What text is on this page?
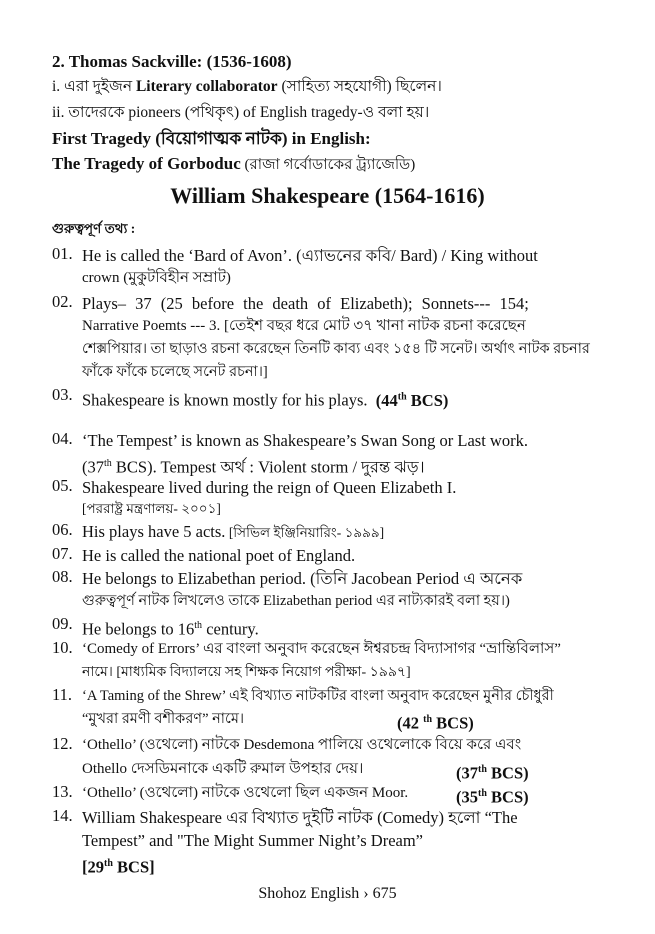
2. Thomas Sackville: (1536-1608)
i. এরা দুইজন Literary collaborator (সাহিত্য সহযোগী) ছিলেন।
ii. তাদেরকে pioneers (পথিকৃৎ) of English tragedy-ও বলা হয়।
First Tragedy (বিয়োগাত্মক নাটক) in English:
The Tragedy of Gorboduc (রাজা গর্বোডাকের ট্র্যাজেডি)
William Shakespeare (1564-1616)
গুরুত্বপূর্ণ তথ্য :
01. He is called the ‘Bard of Avon’. (এ্যাভনের কবি/ Bard) / King without
crown (মুকুটবিহীন সম্রাট)
02. Plays– 37 (25 before the death of Elizabeth); Sonnets--- 154;
Narrative Poemts --- 3. [তেইশ বছর ধরে মোট ৩৭ খানা নাটক রচনা করেছেন
শেক্সপিয়ার। তা ছাড়াও রচনা করেছেন তিনটি কাব্য এবং ১৫৪ টি সনেট। অর্থাৎ নাটক রচনার
ফাঁকে ফাঁকে চলেছে সনেট রচনা।]
03. Shakespeare is known mostly for his plays. (44th BCS)
04. ‘The Tempest’ is known as Shakespeare’s Swan Song or Last work.
(37th BCS). Tempest অর্থ : Violent storm / দুরন্ত ঝড়।
05. Shakespeare lived during the reign of Queen Elizabeth I.
[পররাষ্ট্র মন্ত্রণালয়- ২০০১]
06. His plays have 5 acts. [সিভিল ইঞ্জিনিয়ারিং- ১৯৯৯]
07. He is called the national poet of England.
08. He belongs to Elizabethan period. (তিনি Jacobean Period এ অনেক
গুরুত্বপূর্ণ নাটক লিখলেও তাকে Elizabethan period এর নাট্যকারই বলা হয়।)
09. He belongs to 16th century.
10. ‘Comedy of Errors’ এর বাংলা অনুবাদ করেছেন ঈশ্বরচন্দ্র বিদ্যাসাগর “ভ্রান্তিবিলাস”
নামে। [মাধ্যমিক বিদ্যালয়ে সহ শিক্ষক নিয়োগ পরীক্ষা- ১৯৯৭]
11. ‘A Taming of the Shrew’ এই বিখ্যাত নাটকটির বাংলা অনুবাদ করেছেন মুনীর চৌধুরী
“মুখরা রমণী বশীকরণ” নামে।	(42 $^{th}$ BCS)
12. ‘Othello’ (ওথেলো) নাটকে Desdemona পালিয়ে ওথেলোকে বিয়ে করে এবং
Othello দেসডিমনাকে একটি রুমাল উপহার দেয়।	(37th BCS)
13. ‘Othello’ (ওথেলো) নাটকে ওথেলো ছিল একজন Moor.	(35th BCS)
14. William Shakespeare এর বিখ্যাত দুইটি নাটক (Comedy) হলো “The
Tempest” and "The Might Summer Night’s Dream”
[29th BCS]
Shohoz English › 675
